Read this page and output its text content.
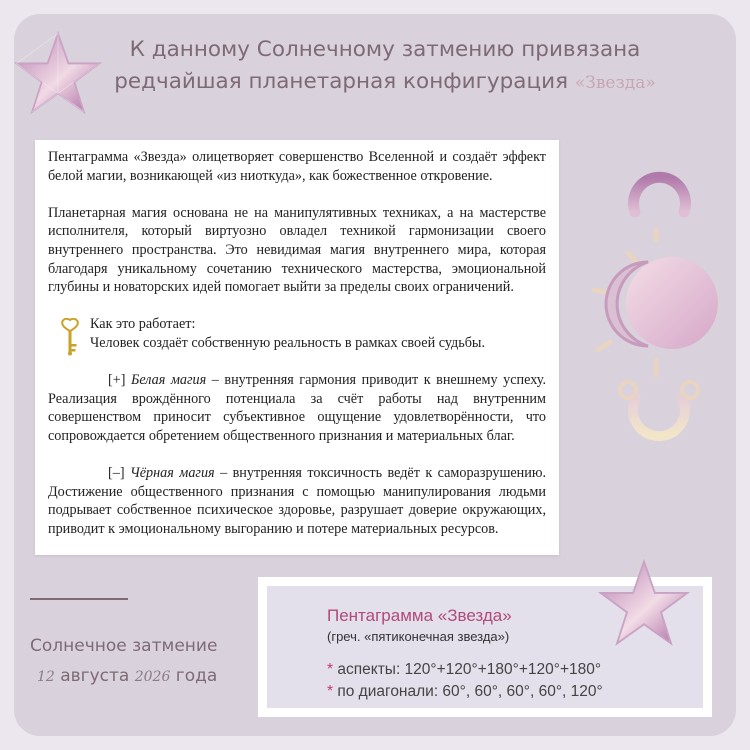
К данному Солнечному затмению привязана
редчайшая планетарная конфигурация «Звезда»

Пентаграмма «Звезда» олицетворяет совершенство Вселенной и создаёт эффект белой магии, возникающей «из ниоткуда», как божественное откровение.

Планетарная магия основана не на манипулятивных техниках, а на мастерстве исполнителя, который виртуозно овладел техникой гармонизации своего внутреннего пространства. Это невидимая магия внутреннего мира, которая благодаря уникальному сочетанию технического мастерства, эмоциональной глубины и новаторских идей помогает выйти за пределы своих ограничений.

Как это работает:

Человек создаёт собственную реальность в рамках своей судьбы.

[+] Белая магия – внутренняя гармония приводит к внешнему успеху. Реализация врождённого потенциала за счёт работы над внутренним совершенством приносит субъективное ощущение удовлетворённости, что сопровождается обретением общественного признания и материальных благ.

[–] Чёрная магия – внутренняя токсичность ведёт к саморазрушению. Достижение общественного признания с помощью манипулирования людьми подрывает собственное психическое здоровье, разрушает доверие окружающих, приводит к эмоциональному выгоранию и потере материальных ресурсов.

Солнечное затмение
12 августа 2026 года
Пентаграмма «Звезда»
(греч. «пятиконечная звезда»)
* аспекты: 120°+120°+180°+120°+180°
* по диагонали: 60°, 60°, 60°, 60°, 120°
